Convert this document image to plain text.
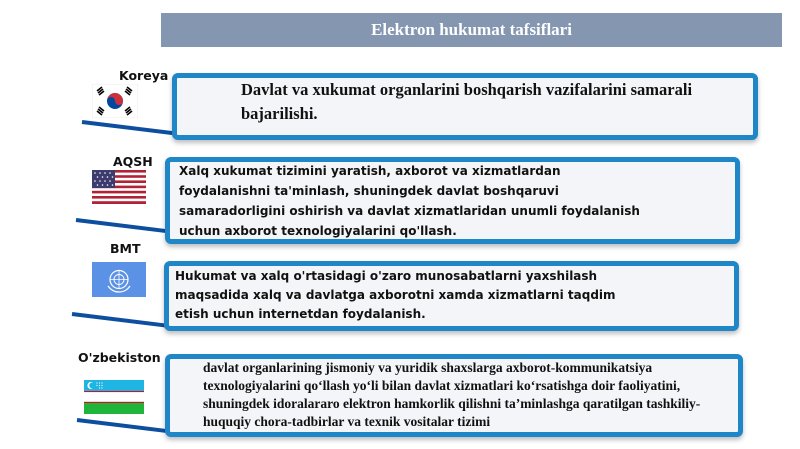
Elektron hukumat tafsiflari
Koreya
Davlat va xukumat organlarini boshqarish vazifalarini samarali bajarilishi.
AQSH
Xalq xukumat tizimini yaratish, axborot va xizmatlardan foydalanishni ta'minlash, shuningdek davlat boshqaruvi samaradorligini oshirish va davlat xizmatlaridan unumli foydalanish uchun axborot texnologiyalarini qo'llash.
BMT
Hukumat va xalq o'rtasidagi o'zaro munosabatlarni yaxshilash maqsadida xalq va davlatga axborotni xamda xizmatlarni taqdim etish uchun internetdan foydalanish.
O'zbekiston
davlat organlarining jismoniy va yuridik shaxslarga axborot-kommunikatsiya texnologiyalarini qo‘llash yo‘li bilan davlat xizmatlari ko‘rsatishga doir faoliyatini, shuningdek idoralararo elektron hamkorlik qilishni ta’minlashga qaratilgan tashkiliy-huquqiy chora-tadbirlar va texnik vositalar tizimi
